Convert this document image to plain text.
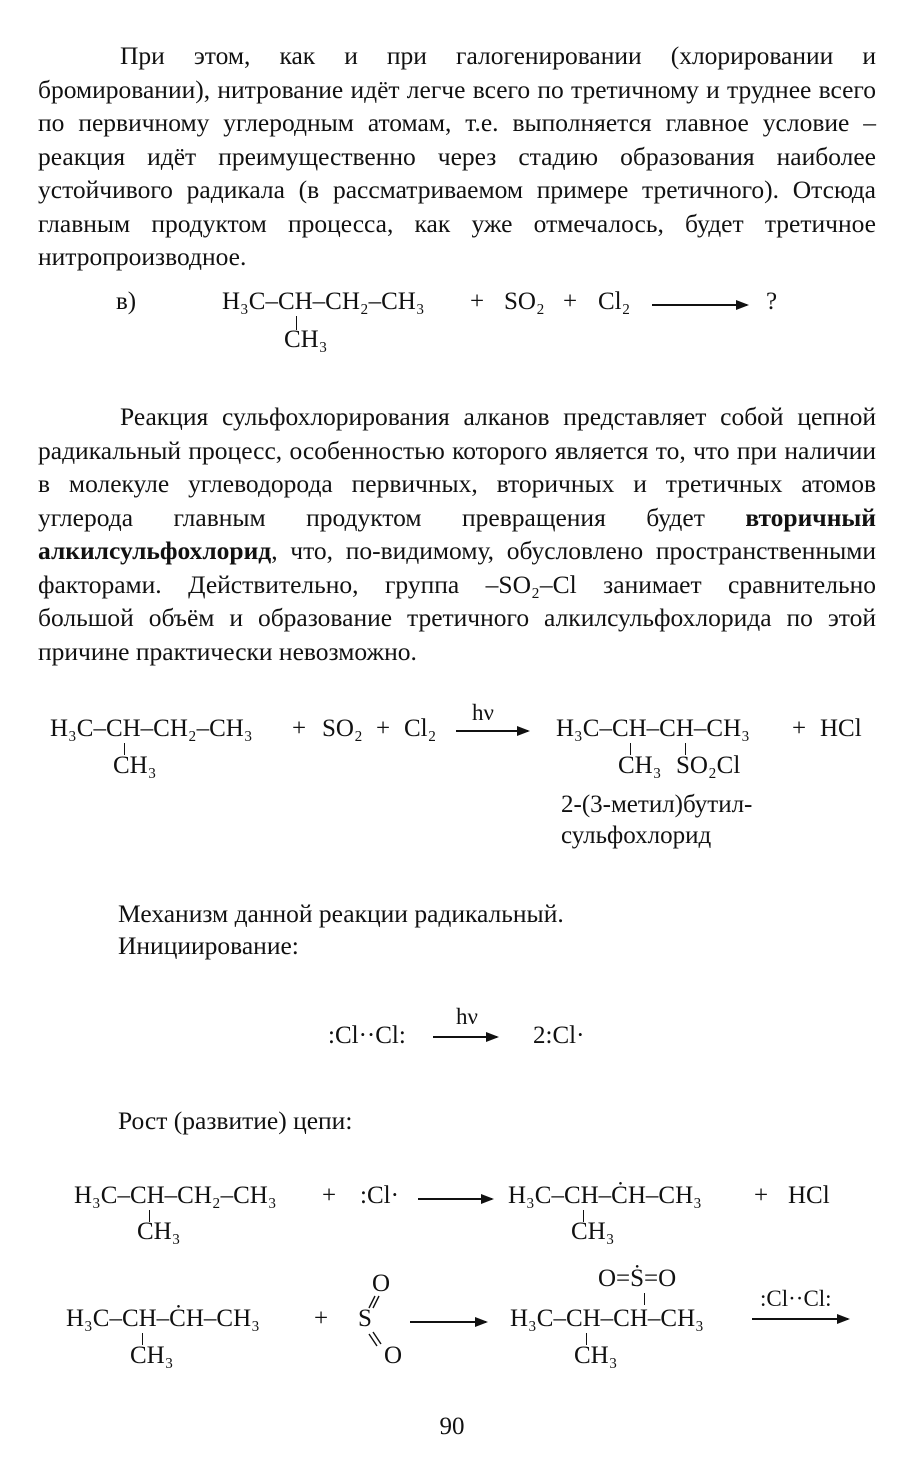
При этом, как и при галогенировании (хлорировании и бромировании), нитрование идёт легче всего по третичному и труднее всего по первичному углеродным атомам, т.е. выполняется главное условие – реакция идёт преимущественно через стадию образования наиболее устойчивого радикала (в рассматриваемом примере третичного). Отсюда главным продуктом процесса, как уже отмечалось, будет третичное нитропроизводное.

в)	H₃C–CH–CH₂–CH₃
CH₃
+ SO₂ + Cl₂	?

Реакция сульфохлорирования алканов представляет собой цепной радикальный процесс, особенностью которого является то, что при наличии в молекуле углеводорода первичных, вторичных и третичных атомов углерода главным продуктом превращения будет вторичный алкилсульфохлорид, что, по-видимому, обусловлено пространственными факторами. Действительно, группа –SO₂–Cl занимает сравнительно большой объём и образование третичного алкилсульфохлорида по этой причине практически невозможно.

H₃C–CH–CH₂–CH₃
CH₃
+ SO₂ + Cl₂
hν
H₃C–CH–CH–CH₃
CH₃ SO₂Cl
+ HCl
2-(3-метил)бутил-
сульфохлорид
Механизм данной реакции радикальный.
Инициирование:
:Cl··Cl:
hν
2:Cl·
Рост (развитие) цепи:
H₃C–CH–CH₂–CH₃
CH₃
+ :Cl·	H₃C–CH–ĊH–CH₃
CH₃
+ HCl
H₃C–CH–ĊH–CH₃
CH₃
+
O
S
O
O=Ṡ=O
H₃C–CH–CH–CH₃
CH₃
:Cl··Cl:
90
